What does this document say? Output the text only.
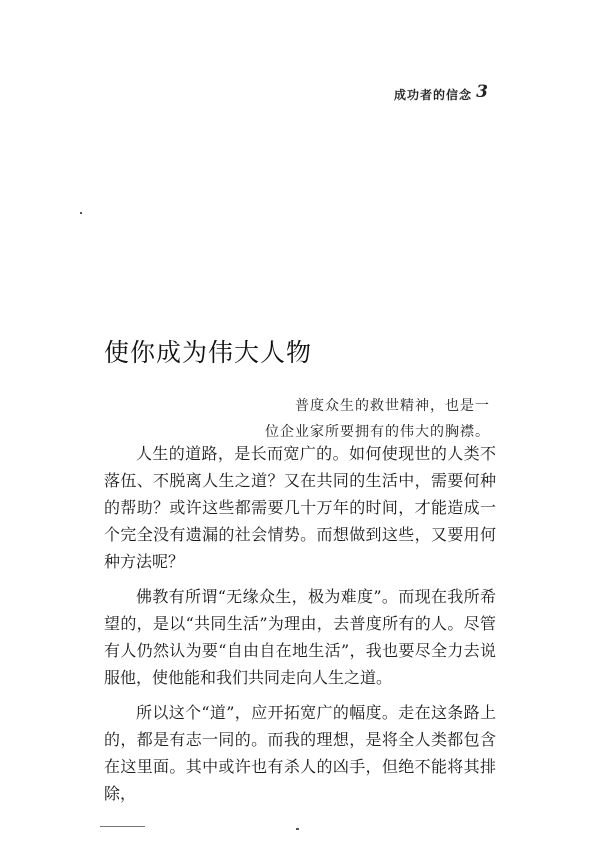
成功者的信念 3
使你成为伟大人物
普度众生的救世精神，也是一
位企业家所要拥有的伟大的胸襟。

人生的道路，是长而宽广的。如何使现世的人类不落伍、不脱离人生之道？又在共同的生活中，需要何种的帮助？或许这些都需要几十万年的时间，才能造成一个完全没有遗漏的社会情势。而想做到这些，又要用何种方法呢？

佛教有所谓“无缘众生，极为难度”。而现在我所希望的，是以“共同生活”为理由，去普度所有的人。尽管有人仍然认为要“自由自在地生活”，我也要尽全力去说服他，使他能和我们共同走向人生之道。

所以这个“道”，应开拓宽广的幅度。走在这条路上的，都是有志一同的。而我的理想，是将全人类都包含在这里面。其中或许也有杀人的凶手，但绝不能将其排除，
